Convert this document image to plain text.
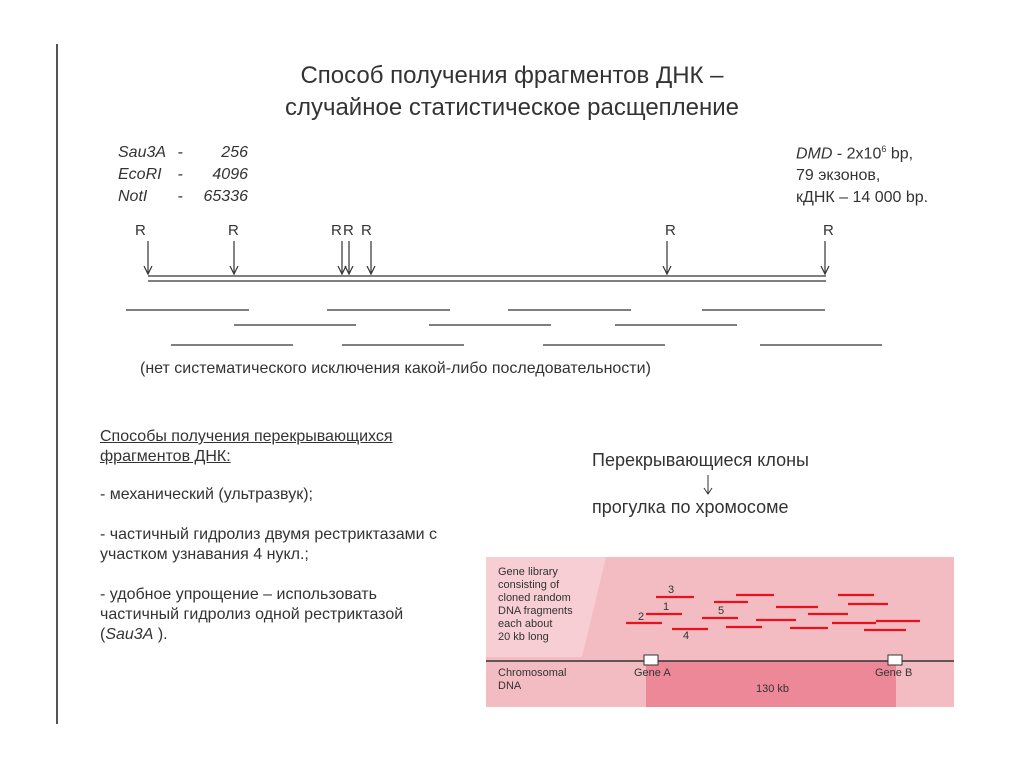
Способ получения фрагментов ДНК –
случайное статистическое расщепление
Sau3A - 256
EcoRI - 4096
NotI - 65336
DMD - $2x10^6$ bp,
79 экзонов,
кДНК – 14 000 bp.
R	R	R R R	R	R
(нет систематического исключения какой-либо последовательности)
Способы получения перекрывающихся
фрагментов ДНК:

- механический (ультразвук);

- частичный гидролиз двумя рестриктазами с

участком узнавания 4 нукл.;

- удобное упрощение – использовать

частичный гидролиз одной рестриктазой

(Sau3A ).

Перекрывающиеся клоны
прогулка по хромосоме
Gene library
consisting of
cloned random
DNA fragments
each about
20 kb long
Chromosomal
DNA
Gene A	Gene B
130 kb
3
1
2	5
4
